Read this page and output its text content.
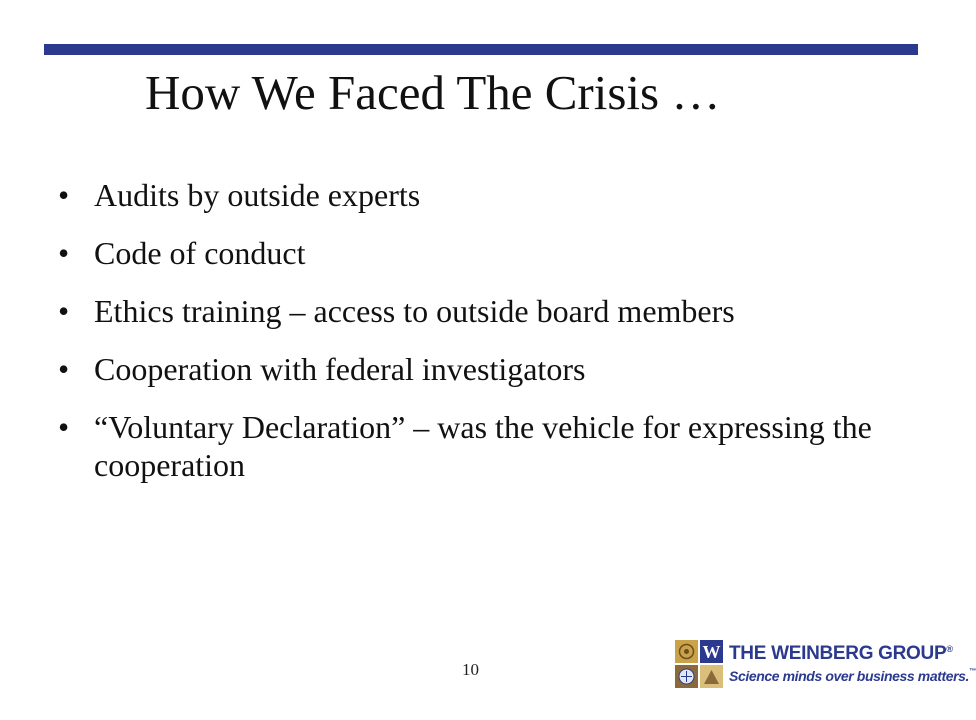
How We Faced The Crisis …
• Audits by outside experts
• Code of conduct
• Ethics training – access to outside board members
• Cooperation with federal investigators
• “Voluntary Declaration” – was the vehicle for expressing the cooperation
10
W THE WEINBERG GROUP®
Science minds over business matters.™
